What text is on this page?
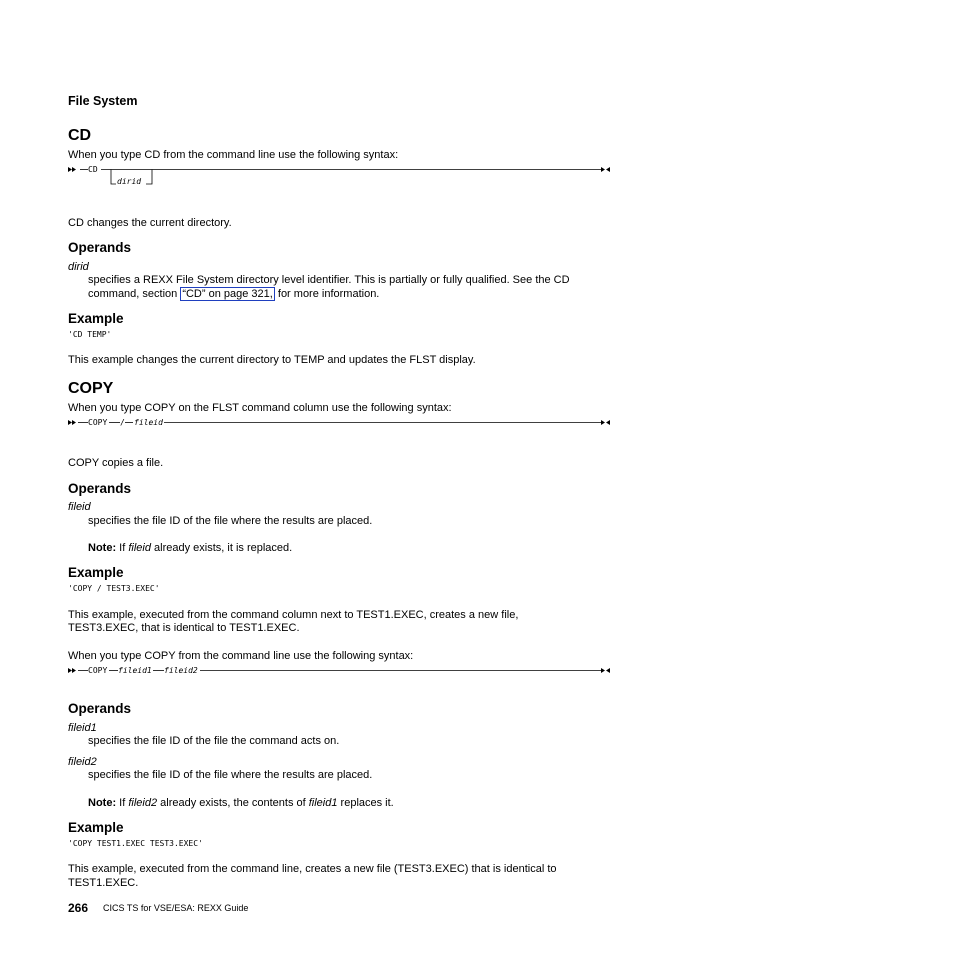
File System
CD
When you type CD from the command line use the following syntax:
CD
dirid
CD changes the current directory.
Operands
dirid
specifies a REXX File System directory level identifier. This is partially or fully qualified. See the CD
command, section “CD” on page 321, for more information.
Example
'CD TEMP'
This example changes the current directory to TEMP and updates the FLST display.
COPY
When you type COPY on the FLST command column use the following syntax:
COPY / fileid
COPY copies a file.
Operands
fileid
specifies the file ID of the file where the results are placed.
Note: If fileid already exists, it is replaced.
Example
'COPY / TEST3.EXEC'
This example, executed from the command column next to TEST1.EXEC, creates a new file,
TEST3.EXEC, that is identical to TEST1.EXEC.
When you type COPY from the command line use the following syntax:
COPY fileid1 fileid2
Operands
fileid1
specifies the file ID of the file the command acts on.
fileid2
specifies the file ID of the file where the results are placed.
Note: If fileid2 already exists, the contents of fileid1 replaces it.
Example
'COPY TEST1.EXEC TEST3.EXEC'
This example, executed from the command line, creates a new file (TEST3.EXEC) that is identical to
TEST1.EXEC.
266 CICS TS for VSE/ESA: REXX Guide
